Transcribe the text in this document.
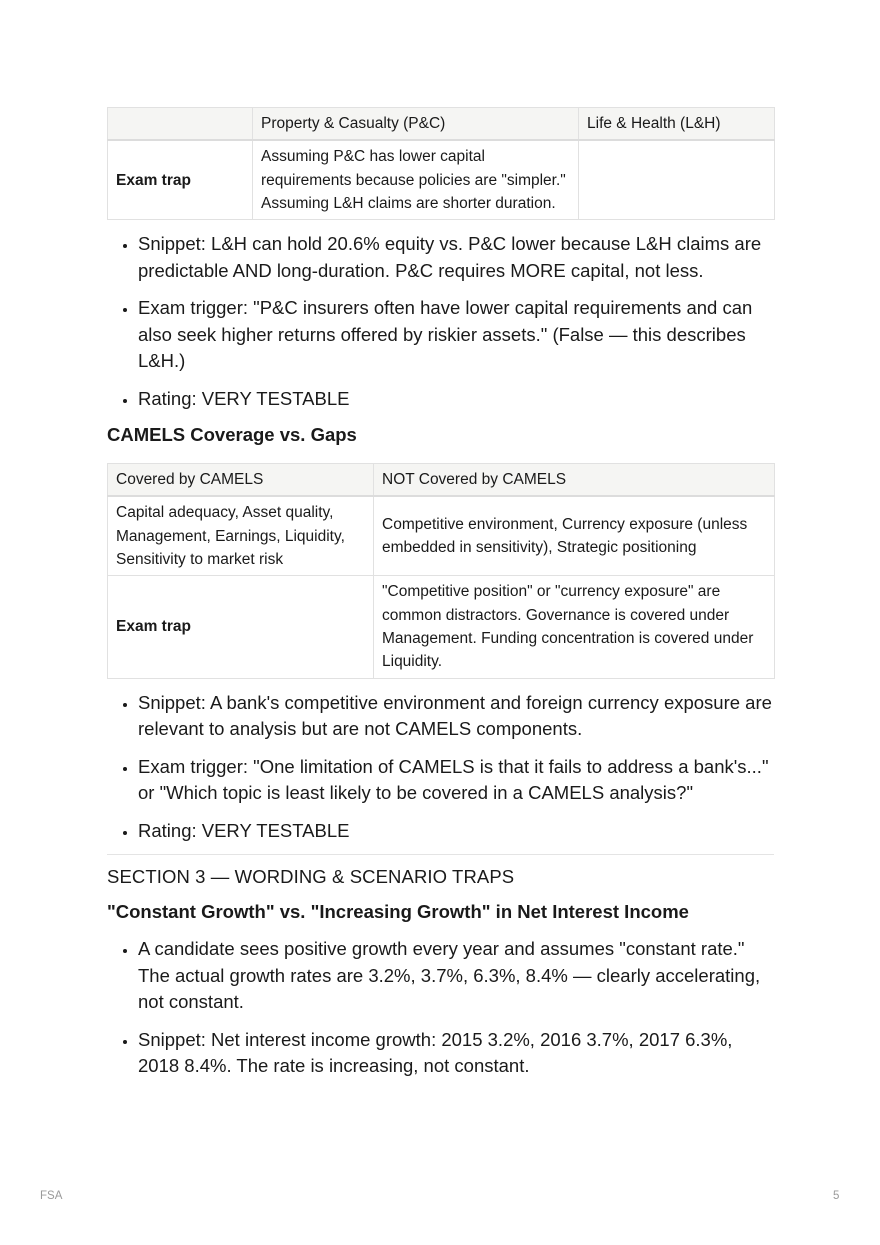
	Property & Casualty (P&C)	Life & Health (L&H)
Exam trap	Assuming P&C has lower capital requirements because policies are "simpler." Assuming L&H claims are shorter duration.	
• Snippet: L&H can hold 20.6% equity vs. P&C lower because L&H claims are predictable AND long-duration. P&C requires MORE capital, not less.
• Exam trigger: "P&C insurers often have lower capital requirements and can also seek higher returns offered by riskier assets." (False — this describes L&H.)
• Rating: VERY TESTABLE
CAMELS Coverage vs. Gaps
Covered by CAMELS	NOT Covered by CAMELS
Capital adequacy, Asset quality, Management, Earnings, Liquidity, Sensitivity to market risk	Competitive environment, Currency exposure (unless embedded in sensitivity), Strategic positioning
Exam trap	"Competitive position" or "currency exposure" are common distractors. Governance is covered under Management. Funding concentration is covered under Liquidity.
• Snippet: A bank's competitive environment and foreign currency exposure are relevant to analysis but are not CAMELS components.
• Exam trigger: "One limitation of CAMELS is that it fails to address a bank's..." or "Which topic is least likely to be covered in a CAMELS analysis?"
• Rating: VERY TESTABLE
SECTION 3 — WORDING & SCENARIO TRAPS
"Constant Growth" vs. "Increasing Growth" in Net Interest Income
• A candidate sees positive growth every year and assumes "constant rate." The actual growth rates are 3.2%, 3.7%, 6.3%, 8.4% — clearly accelerating, not constant.
• Snippet: Net interest income growth: 2015 3.2%, 2016 3.7%, 2017 6.3%, 2018 8.4%. The rate is increasing, not constant.
FSA	5
